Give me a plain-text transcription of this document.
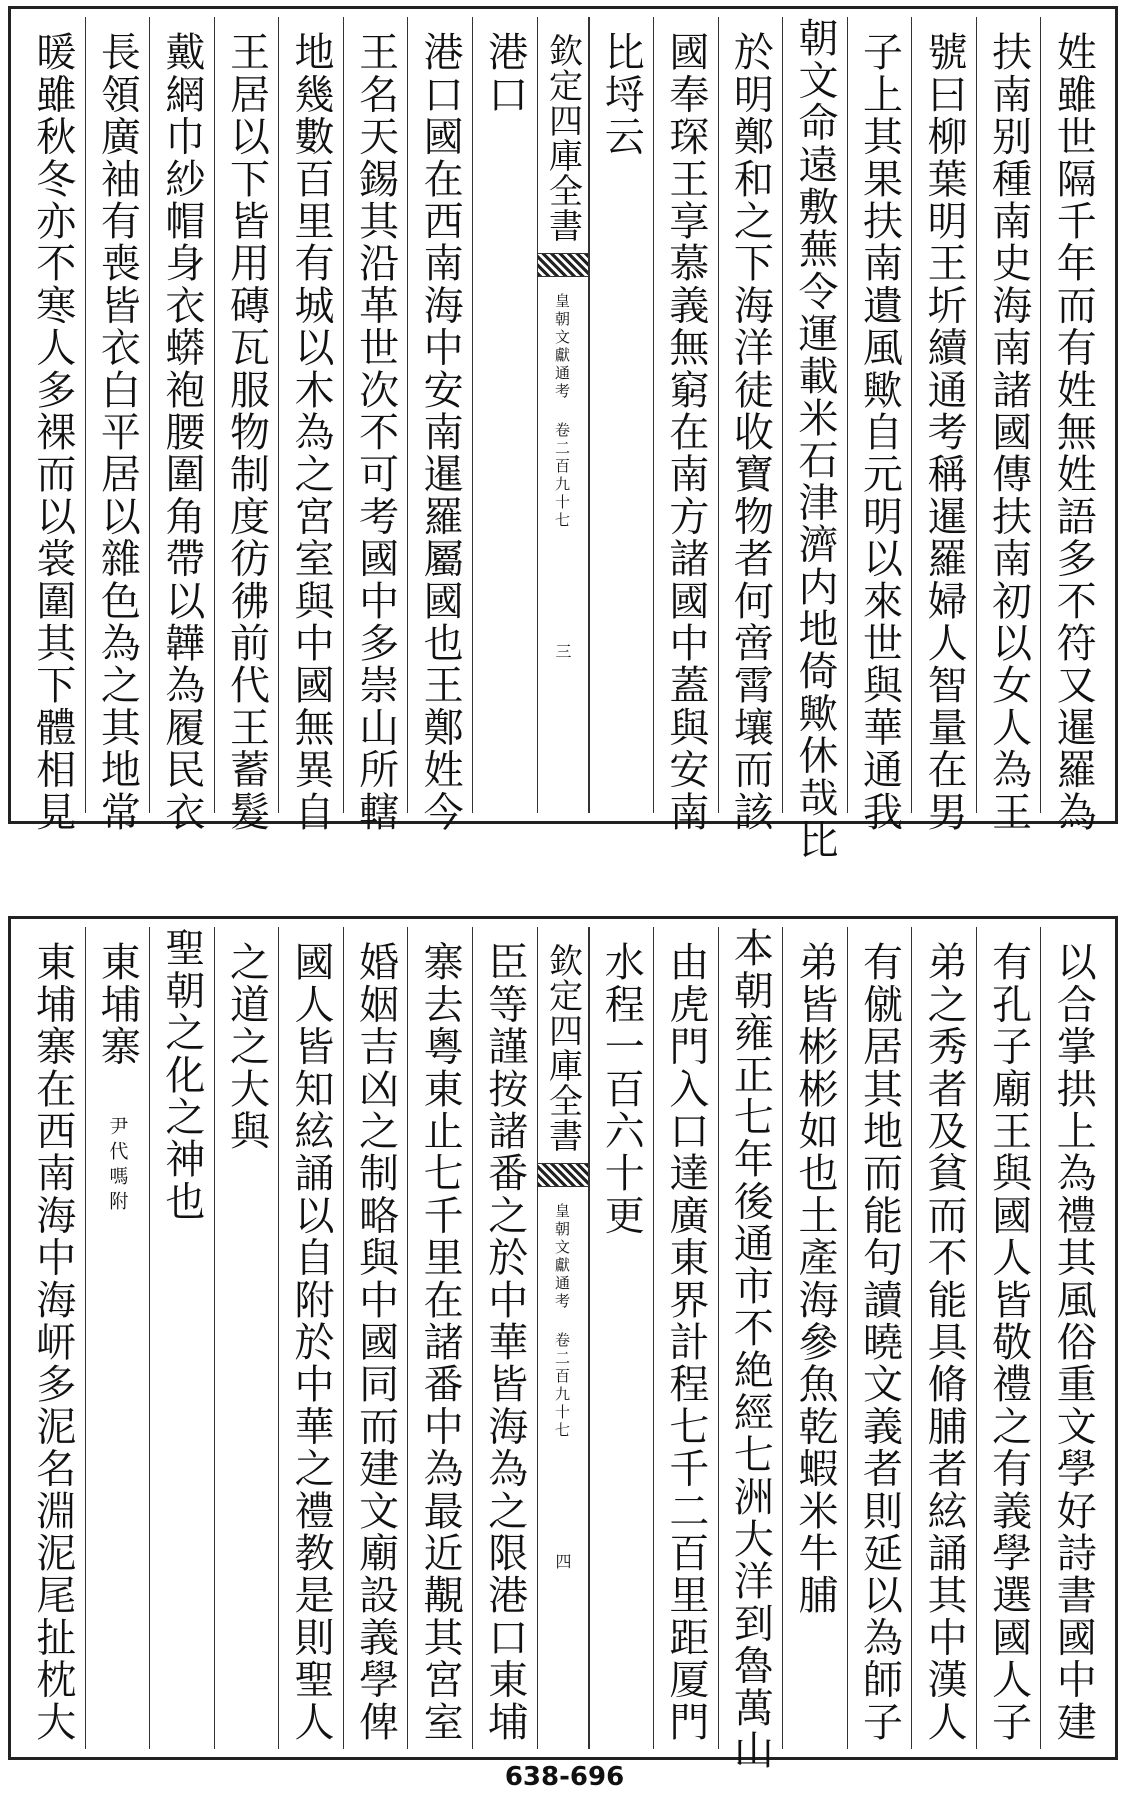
姓雖世隔千年而有姓無姓語多不符又暹羅為
扶南别種南史海南諸國傳扶南初以女人為王
號曰柳葉明王圻續通考稱暹羅婦人智量在男
子上其果扶南遺風歟自元明以來世與華通我
朝文命遠敷蕪令運載米石津濟内地倚歟休哉比
於明鄭和之下海洋徒收寶物者何啻霄壤而該
國奉琛王享慕義無窮在南方諸國中蓋與安南
比埒云
欽定四庫全書
皇朝文獻通考 卷二百九十七
三
港口
港口國在西南海中安南暹羅屬國也王鄭姓今
王名天錫其沿革世次不可考國中多崇山所轄
地幾數百里有城以木為之宮室與中國無異自
王居以下皆用磚瓦服物制度彷彿前代王蓄髮
戴網巾紗帽身衣蟒袍腰圍角帶以韡為履民衣
長領廣袖有喪皆衣白平居以雜色為之其地常
暖雖秋冬亦不寒人多裸而以裳圍其下體相見
以合掌拱上為禮其風俗重文學好詩書國中建
有孔子廟王與國人皆敬禮之有義學選國人子
弟之秀者及貧而不能具脩脯者絃誦其中漢人
有僦居其地而能句讀曉文義者則延以為師子
弟皆彬彬如也土產海參魚乾蝦米牛脯
本朝雍正七年後通市不絶經七洲大洋到魯萬山
由虎門入口達廣東界計程七千二百里距厦門
水程一百六十更
欽定四庫全書
皇朝文獻通考 卷二百九十七
四
臣等謹按諸番之於中華皆海為之限港口東埔
寨去粵東止七千里在諸番中為最近覯其宮室
婚姻吉凶之制略與中國同而建文廟設義學俾
國人皆知絃誦以自附於中華之禮教是則聖人
之道之大與
聖朝之化之神也
東埔寨 尹代嗎附
東埔寨在西南海中海岍多泥名淵泥尾扯枕大
638-696
